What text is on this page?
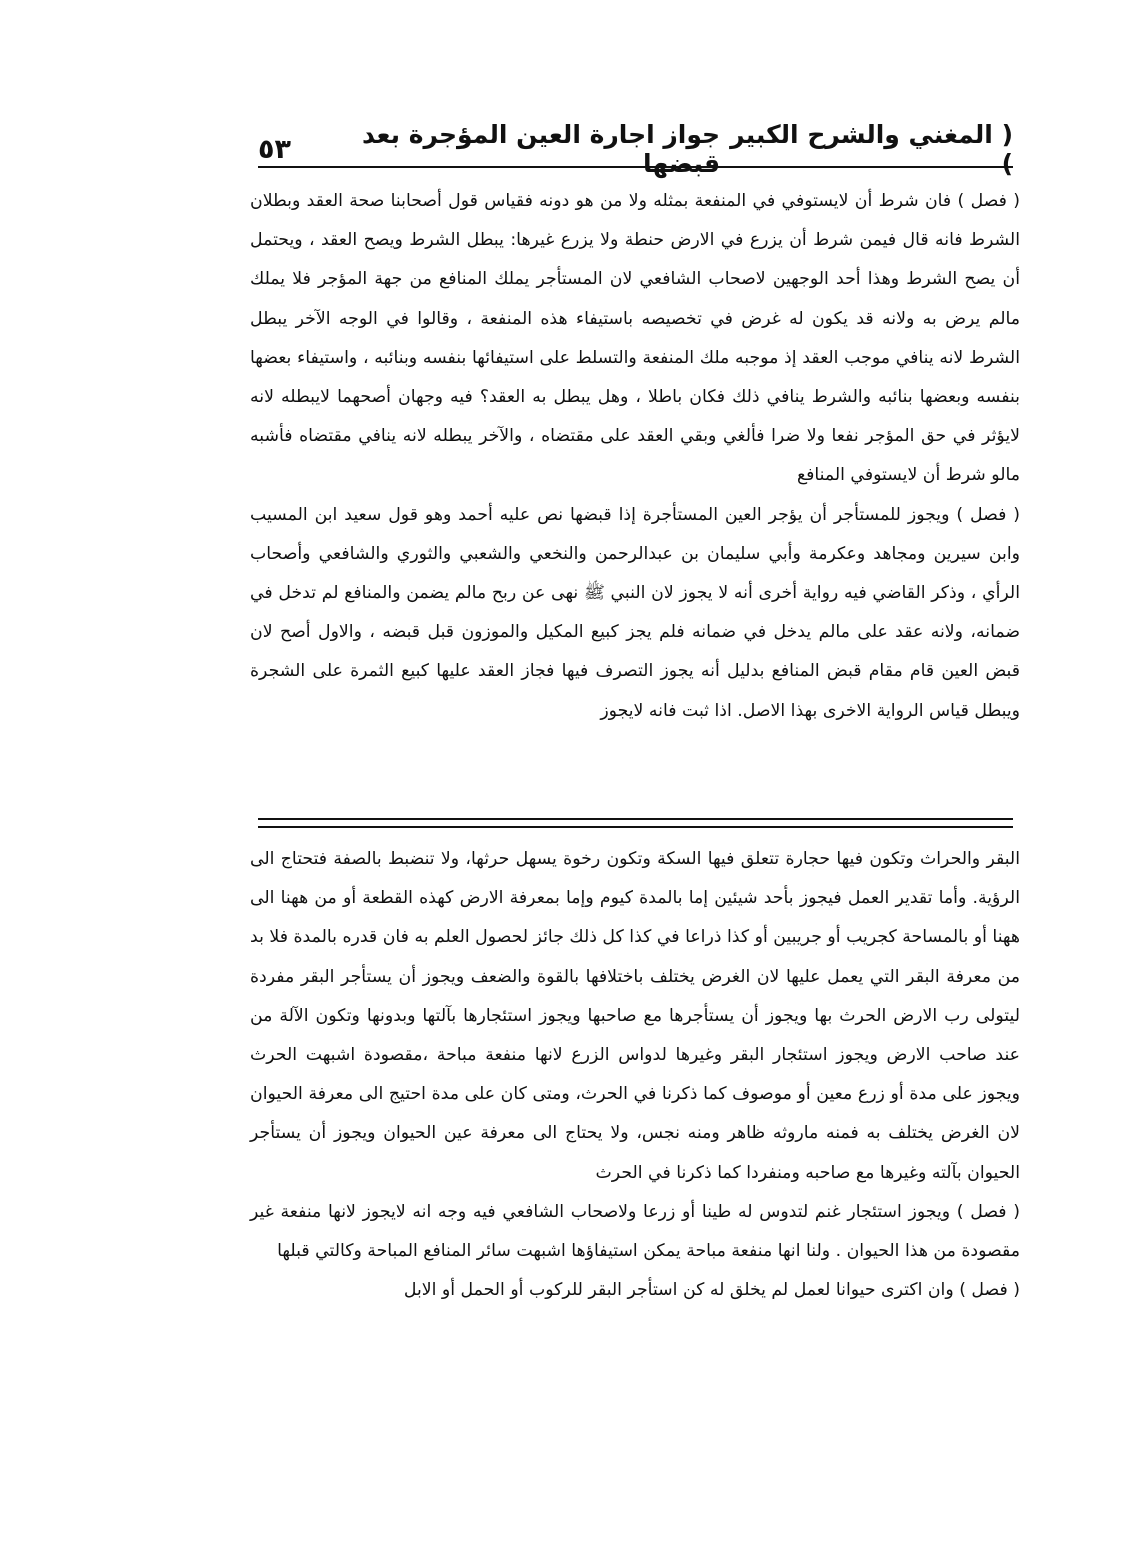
( المغني والشرح الكبير )
جواز اجارة العين المؤجرة بعد قبضها
٥٣

( فصل ) فان شرط أن لايستوفي في المنفعة بمثله ولا من هو دونه فقياس قول أصحابنا صحة العقد وبطلان الشرط فانه قال فيمن شرط أن يزرع في الارض حنطة ولا يزرع غيرها: يبطل الشرط ويصح العقد ، ويحتمل أن يصح الشرط وهذا أحد الوجهين لاصحاب الشافعي لان المستأجر يملك المنافع من جهة المؤجر فلا يملك مالم يرض به ولانه قد يكون له غرض في تخصيصه باستيفاء هذه المنفعة ، وقالوا في الوجه الآخر يبطل الشرط لانه ينافي موجب العقد إذ موجبه ملك المنفعة والتسلط على استيفائها بنفسه وبنائبه ، واستيفاء بعضها بنفسه وبعضها بنائبه والشرط ينافي ذلك فكان باطلا ، وهل يبطل به العقد؟ فيه وجهان أصحهما لايبطله لانه لايؤثر في حق المؤجر نفعا ولا ضرا فألغي وبقي العقد على مقتضاه ، والآخر يبطله لانه ينافي مقتضاه فأشبه مالو شرط أن لايستوفي المنافع

( فصل ) ويجوز للمستأجر أن يؤجر العين المستأجرة إذا قبضها نص عليه أحمد وهو قول سعيد ابن المسيب وابن سيرين ومجاهد وعكرمة وأبي سليمان بن عبدالرحمن والنخعي والشعبي والثوري والشافعي وأصحاب الرأي ، وذكر القاضي فيه رواية أخرى أنه لا يجوز لان النبي ﷺ نهى عن ربح مالم يضمن والمنافع لم تدخل في ضمانه، ولانه عقد على مالم يدخل في ضمانه فلم يجز كبيع المكيل والموزون قبل قبضه ، والاول أصح لان قبض العين قام مقام قبض المنافع بدليل أنه يجوز التصرف فيها فجاز العقد عليها كبيع الثمرة على الشجرة ويبطل قياس الرواية الاخرى بهذا الاصل. اذا ثبت فانه لايجوز

البقر والحراث وتكون فيها حجارة تتعلق فيها السكة وتكون رخوة يسهل حرثها، ولا تنضبط بالصفة فتحتاج الى الرؤية. وأما تقدير العمل فيجوز بأحد شيئين إما بالمدة كيوم وإما بمعرفة الارض كهذه القطعة أو من ههنا الى ههنا أو بالمساحة كجريب أو جريبين أو كذا ذراعا في كذا كل ذلك جائز لحصول العلم به فان قدره بالمدة فلا بد من معرفة البقر التي يعمل عليها لان الغرض يختلف باختلافها بالقوة والضعف ويجوز أن يستأجر البقر مفردة ليتولى رب الارض الحرث بها ويجوز أن يستأجرها مع صاحبها ويجوز استئجارها بآلتها وبدونها وتكون الآلة من عند صاحب الارض ويجوز استئجار البقر وغيرها لدواس الزرع لانها منفعة مباحة ،مقصودة اشبهت الحرث ويجوز على مدة أو زرع معين أو موصوف كما ذكرنا في الحرث، ومتى كان على مدة احتيج الى معرفة الحيوان لان الغرض يختلف به فمنه ماروثه ظاهر ومنه نجس، ولا يحتاج الى معرفة عين الحيوان ويجوز أن يستأجر الحيوان بآلته وغيرها مع صاحبه ومنفردا كما ذكرنا في الحرث

( فصل ) ويجوز استئجار غنم لتدوس له طينا أو زرعا ولاصحاب الشافعي فيه وجه انه لايجوز لانها منفعة غير مقصودة من هذا الحيوان . ولنا انها منفعة مباحة يمكن استيفاؤها اشبهت سائر المنافع المباحة وكالتي قبلها

( فصل ) وان اكترى حيوانا لعمل لم يخلق له كن استأجر البقر للركوب أو الحمل أو الابل
